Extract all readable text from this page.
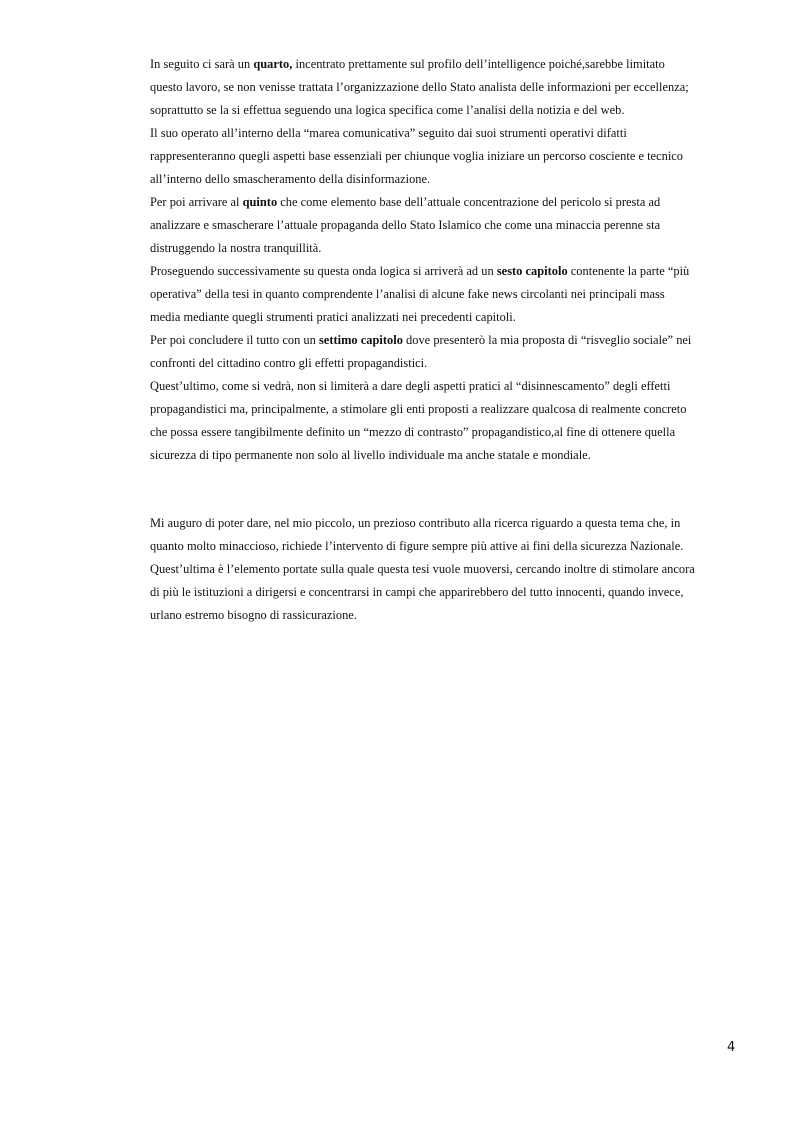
In seguito ci sarà un quarto, incentrato prettamente sul profilo dell’intelligence poiché,sarebbe limitato
questo lavoro, se non venisse trattata l’organizzazione dello Stato analista delle informazioni per eccellenza;
soprattutto se la si effettua seguendo una logica specifica come l’analisi della notizia e del web.
Il suo operato all’interno della “marea comunicativa” seguito dai suoi strumenti operativi difatti
rappresenteranno quegli aspetti base essenziali per chiunque voglia iniziare un percorso cosciente e tecnico
all’interno dello smascheramento della disinformazione.
Per poi arrivare al quinto che come elemento base dell’attuale concentrazione del pericolo si presta ad
analizzare e smascherare l’attuale propaganda dello Stato Islamico che come una minaccia perenne sta
distruggendo la nostra tranquillità.
Proseguendo successivamente su questa onda logica si arriverà ad un sesto capitolo contenente la parte “più
operativa” della tesi in quanto comprendente l’analisi di alcune fake news circolanti nei principali mass
media mediante quegli strumenti pratici analizzati nei precedenti capitoli.
Per poi concludere il tutto con un settimo capitolo dove presenterò la mia proposta di “risveglio sociale” nei
confronti del cittadino contro gli effetti propagandistici.
Quest’ultimo, come si vedrà, non si limiterà a dare degli aspetti pratici al “disinnescamento” degli effetti
propagandistici ma, principalmente, a stimolare gli enti proposti a realizzare qualcosa di realmente concreto
che possa essere tangibilmente definito un “mezzo di contrasto” propagandistico,al fine di ottenere quella
sicurezza di tipo permanente non solo al livello individuale ma anche statale e mondiale.
Mi auguro di poter dare, nel mio piccolo, un prezioso contributo alla ricerca riguardo a questa tema che, in
quanto molto minaccioso, richiede l’intervento di figure sempre più attive ai fini della sicurezza Nazionale.
Quest’ultima è l’elemento portate sulla quale questa tesi vuole muoversi, cercando inoltre di stimolare ancora
di più le istituzioni a dirigersi e concentrarsi in campi che apparirebbero del tutto innocenti, quando invece,
urlano estremo bisogno di rassicurazione.
4
